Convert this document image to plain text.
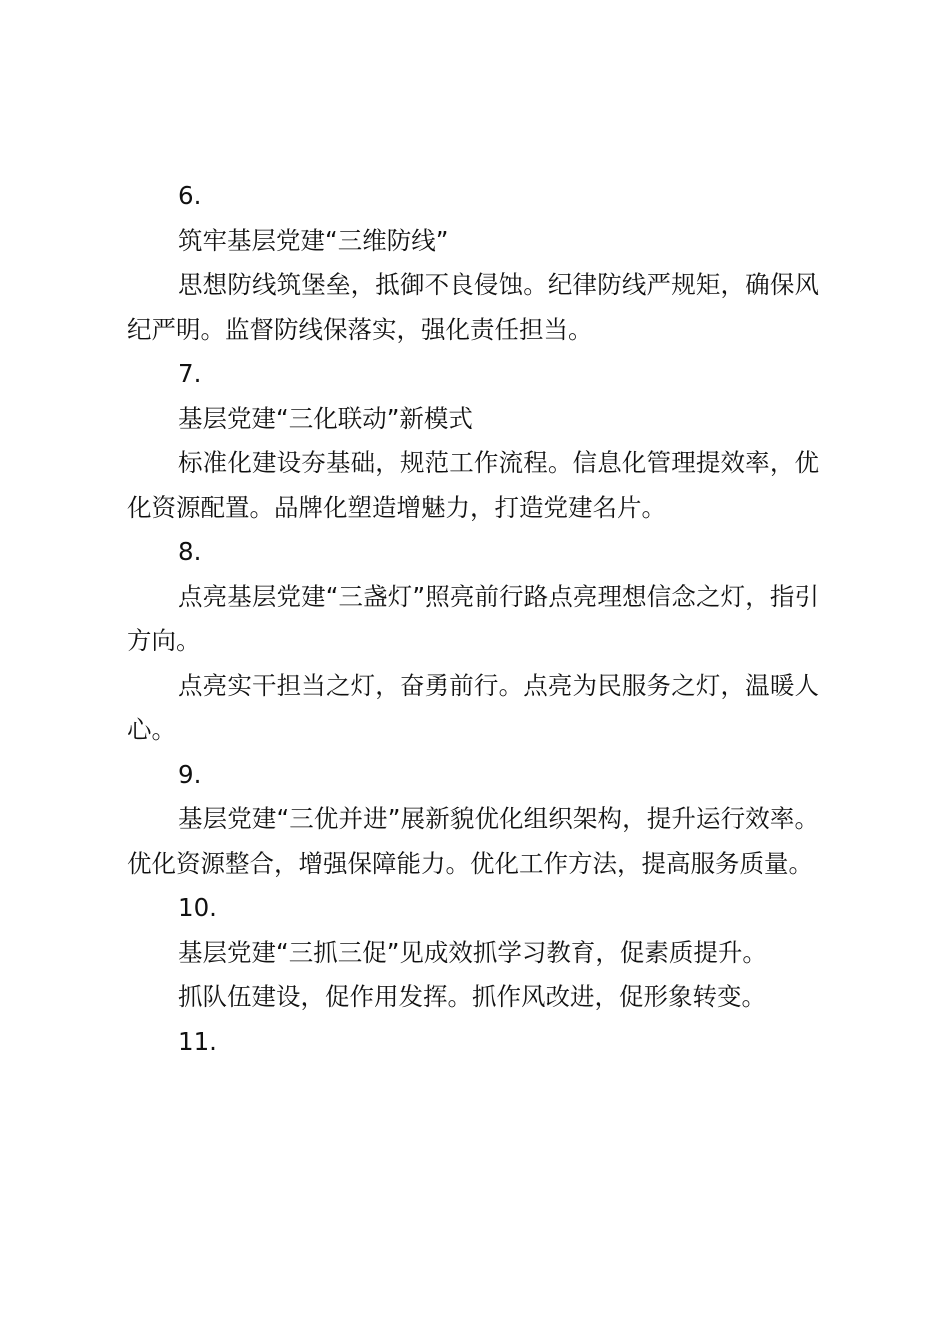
6.

筑牢基层党建“三维防线”

思想防线筑堡垒，抵御不良侵蚀。纪律防线严规矩，确保风纪严明。监督防线保落实，强化责任担当。

7.

基层党建“三化联动”新模式

标准化建设夯基础，规范工作流程。信息化管理提效率，优化资源配置。品牌化塑造增魅力，打造党建名片。

8.

点亮基层党建“三盏灯”照亮前行路点亮理想信念之灯，指引方向。

点亮实干担当之灯，奋勇前行。点亮为民服务之灯，温暖人心。

9.

基层党建“三优并进”展新貌优化组织架构，提升运行效率。优化资源整合，增强保障能力。优化工作方法，提高服务质量。

10.

基层党建“三抓三促”见成效抓学习教育，促素质提升。

抓队伍建设，促作用发挥。抓作风改进，促形象转变。

11.
